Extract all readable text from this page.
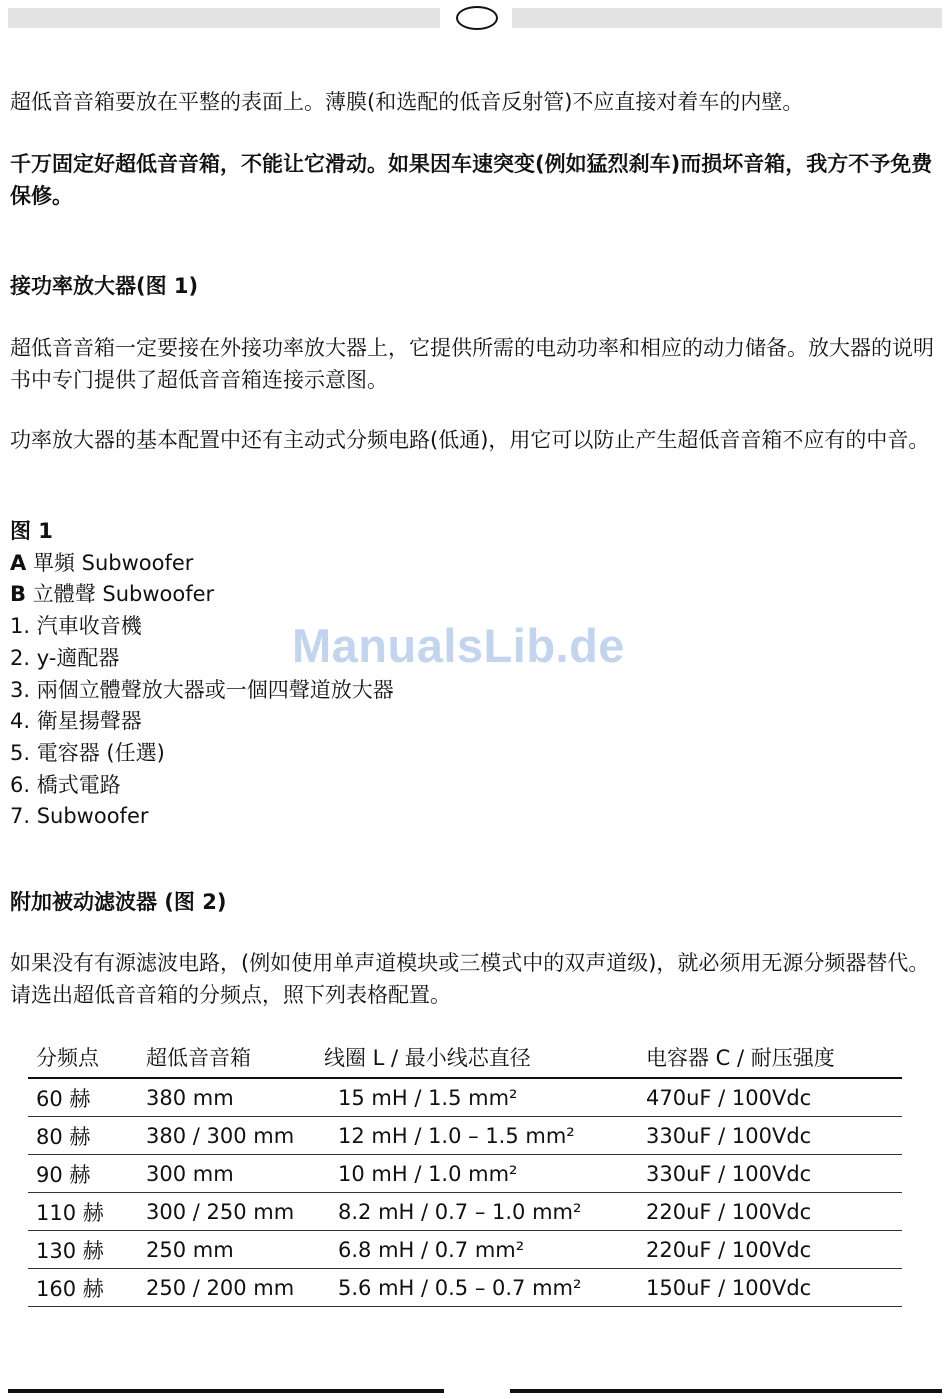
超低音音箱要放在平整的表面上。薄膜(和选配的低音反射管)不应直接对着车的内壁。
千万固定好超低音音箱，不能让它滑动。如果因车速突变(例如猛烈刹车)而损坏音箱，我方不予免费保修。
接功率放大器(图 1)
超低音音箱一定要接在外接功率放大器上，它提供所需的电动功率和相应的动力储备。放大器的说明书中专门提供了超低音音箱连接示意图。
功率放大器的基本配置中还有主动式分频电路(低通)，用它可以防止产生超低音音箱不应有的中音。
图 1
A 單頻 Subwoofer
B 立體聲 Subwoofer
1. 汽車收音機
2. y-適配器
3. 兩個立體聲放大器或一個四聲道放大器
4. 衛星揚聲器
5. 電容器 (任選)
6. 橋式電路
7. Subwoofer
ManualsLib.de
附加被动滤波器 (图 2)
如果没有有源滤波电路，(例如使用单声道模块或三模式中的双声道级)，就必须用无源分频器替代。请选出超低音音箱的分频点，照下列表格配置。
分频点	超低音音箱	线圈 L / 最小线芯直径	电容器 C / 耐压强度
60 赫	380 mm	15 mH / 1.5 mm²	470uF / 100Vdc
80 赫	380 / 300 mm	12 mH / 1.0 – 1.5 mm²	330uF / 100Vdc
90 赫	300 mm	10 mH / 1.0 mm²	330uF / 100Vdc
110 赫	300 / 250 mm	8.2 mH / 0.7 – 1.0 mm²	220uF / 100Vdc
130 赫	250 mm	6.8 mH / 0.7 mm²	220uF / 100Vdc
160 赫	250 / 200 mm	5.6 mH / 0.5 – 0.7 mm²	150uF / 100Vdc
